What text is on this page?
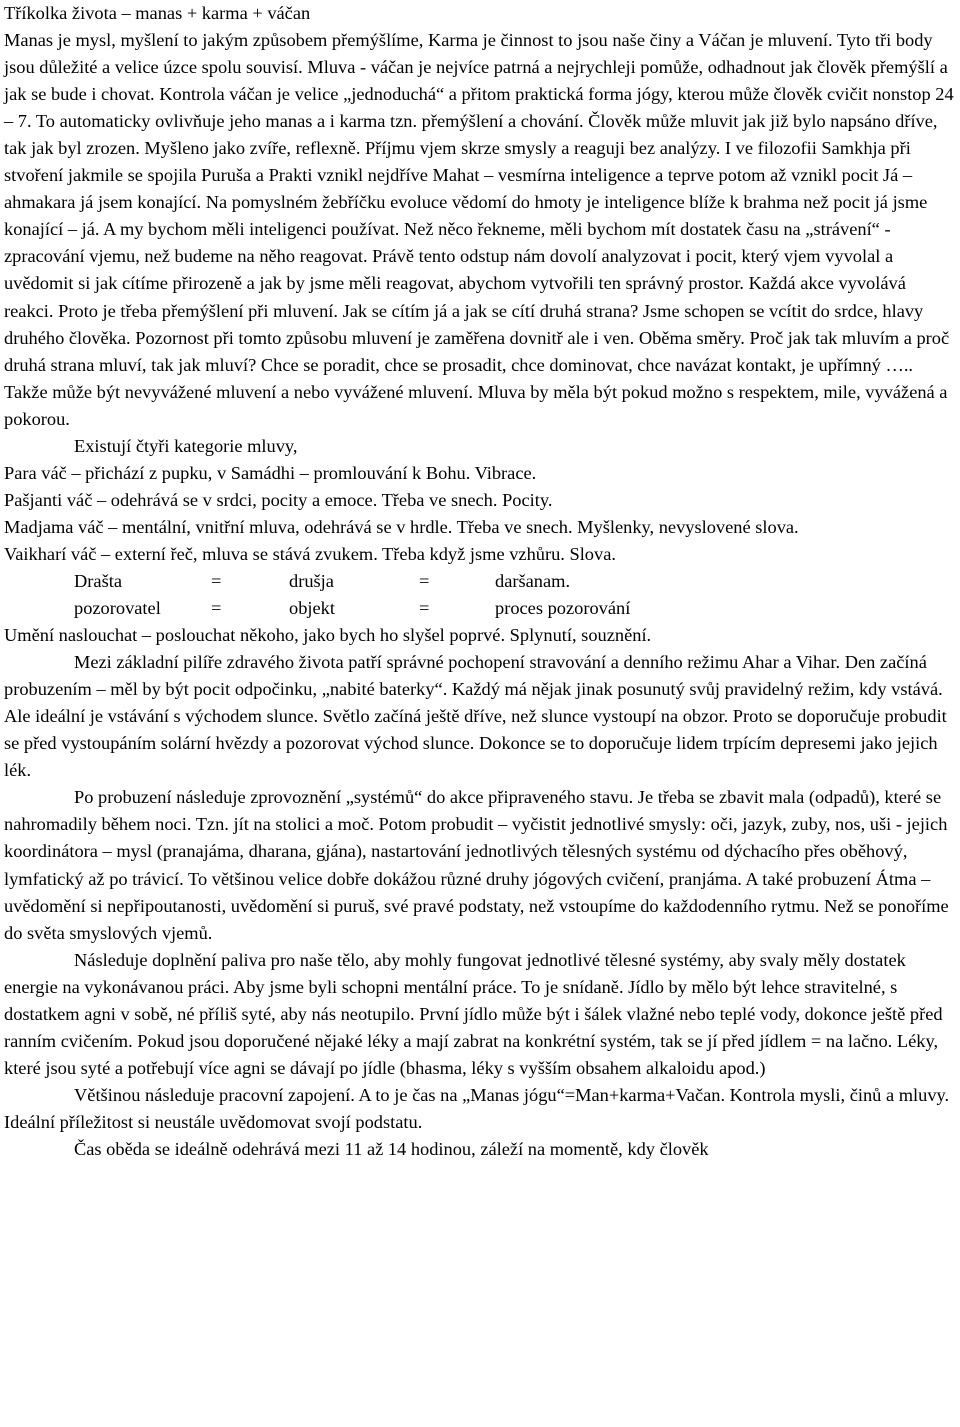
Tříkolka života – manas + karma + váčan

Manas je mysl, myšlení to jakým způsobem přemýšlíme, Karma je činnost to jsou naše činy a Váčan je mluvení. Tyto tři body jsou důležité a velice úzce spolu souvisí. Mluva - váčan je nejvíce patrná a nejrychleji pomůže, odhadnout jak člověk přemýšlí a jak se bude i chovat. Kontrola váčan je velice „jednoduchá“ a přitom praktická forma jógy, kterou může člověk cvičit nonstop 24 – 7. To automaticky ovlivňuje jeho manas a i karma tzn. přemýšlení a chování. Člověk může mluvit jak již bylo napsáno dříve, tak jak byl zrozen. Myšleno jako zvíře, reflexně. Příjmu vjem skrze smysly a reaguji bez analýzy. I ve filozofii Samkhja při stvoření jakmile se spojila Puruša a Prakti vznikl nejdříve Mahat – vesmírna inteligence a teprve potom až vznikl pocit Já – ahmakara já jsem konající. Na pomyslném žebříčku evoluce vědomí do hmoty je inteligence blíže k brahma než pocit já jsme konající – já. A my bychom měli inteligenci používat. Než něco řekneme, měli bychom mít dostatek času na „strávení“ - zpracování vjemu, než budeme na něho reagovat. Právě tento odstup nám dovolí analyzovat i pocit, který vjem vyvolal a uvědomit si jak cítíme přirozeně a jak by jsme měli reagovat, abychom vytvořili ten správný prostor. Každá akce vyvolává reakci. Proto je třeba přemýšlení při mluvení. Jak se cítím já a jak se cítí druhá strana? Jsme schopen se vcítit do srdce, hlavy druhého člověka. Pozornost při tomto způsobu mluvení je zaměřena dovnitř ale i ven. Oběma směry. Proč jak tak mluvím a proč druhá strana mluví, tak jak mluví? Chce se poradit, chce se prosadit, chce dominovat, chce navázat kontakt, je upřímný ….. Takže může být nevyvážené mluvení a nebo vyvážené mluvení. Mluva by měla být pokud možno s respektem, mile, vyvážená a pokorou.

Existují čtyři kategorie mluvy,

Para váč – přichází z pupku, v Samádhi – promlouvání k Bohu. Vibrace.

Pašjanti váč – odehrává se v srdci, pocity a emoce. Třeba ve snech. Pocity.

Madjama váč – mentální, vnitřní mluva, odehrává se v hrdle. Třeba ve snech. Myšlenky, nevyslovené slova.

Vaikharí váč – externí řeč, mluva se stává zvukem. Třeba když jsme vzhůru. Slova.

Drašta	=	drušja	=	daršanam.
pozorovatel	=	objekt	=	proces pozorování

Umění naslouchat – poslouchat někoho, jako bych ho slyšel poprvé. Splynutí, souznění.

Mezi základní pilíře zdravého života patří správné pochopení stravování a denního režimu Ahar a Vihar. Den začíná probuzením – měl by být pocit odpočinku, „nabité baterky“. Každý má nějak jinak posunutý svůj pravidelný režim, kdy vstává. Ale ideální je vstávání s východem slunce. Světlo začíná ještě dříve, než slunce vystoupí na obzor. Proto se doporučuje probudit se před vystoupáním solární hvězdy a pozorovat východ slunce. Dokonce se to doporučuje lidem trpícím depresemi jako jejich lék.

Po probuzení následuje zprovoznění „systémů“ do akce připraveného stavu. Je třeba se zbavit mala (odpadů), které se nahromadily během noci. Tzn. jít na stolici a moč. Potom probudit – vyčistit jednotlivé smysly: oči, jazyk, zuby, nos, uši - jejich koordinátora – mysl (pranajáma, dharana, gjána), nastartování jednotlivých tělesných systému od dýchacího přes oběhový, lymfatický až po trávicí. To většinou velice dobře dokážou různé druhy jógových cvičení, pranjáma. A také probuzení Átma – uvědomění si nepřipoutanosti, uvědomění si puruš, své pravé podstaty, než vstoupíme do každodenního rytmu. Než se ponoříme do světa smyslových vjemů.

Následuje doplnění paliva pro naše tělo, aby mohly fungovat jednotlivé tělesné systémy, aby svaly měly dostatek energie na vykonávanou práci. Aby jsme byli schopni mentální práce. To je snídaně. Jídlo by mělo být lehce stravitelné, s dostatkem agni v sobě, né příliš syté, aby nás neotupilo. První jídlo může být i šálek vlažné nebo teplé vody, dokonce ještě před ranním cvičením. Pokud jsou doporučené nějaké léky a mají zabrat na konkrétní systém, tak se jí před jídlem = na lačno. Léky, které jsou syté a potřebují více agni se dávají po jídle (bhasma, léky s vyšším obsahem alkaloidu apod.)

Většinou následuje pracovní zapojení. A to je čas na „Manas jógu“=Man+karma+Vačan. Kontrola mysli, činů a mluvy. Ideální příležitost si neustále uvědomovat svojí podstatu.

Čas oběda se ideálně odehrává mezi 11 až 14 hodinou, záleží na momentě, kdy člověk
